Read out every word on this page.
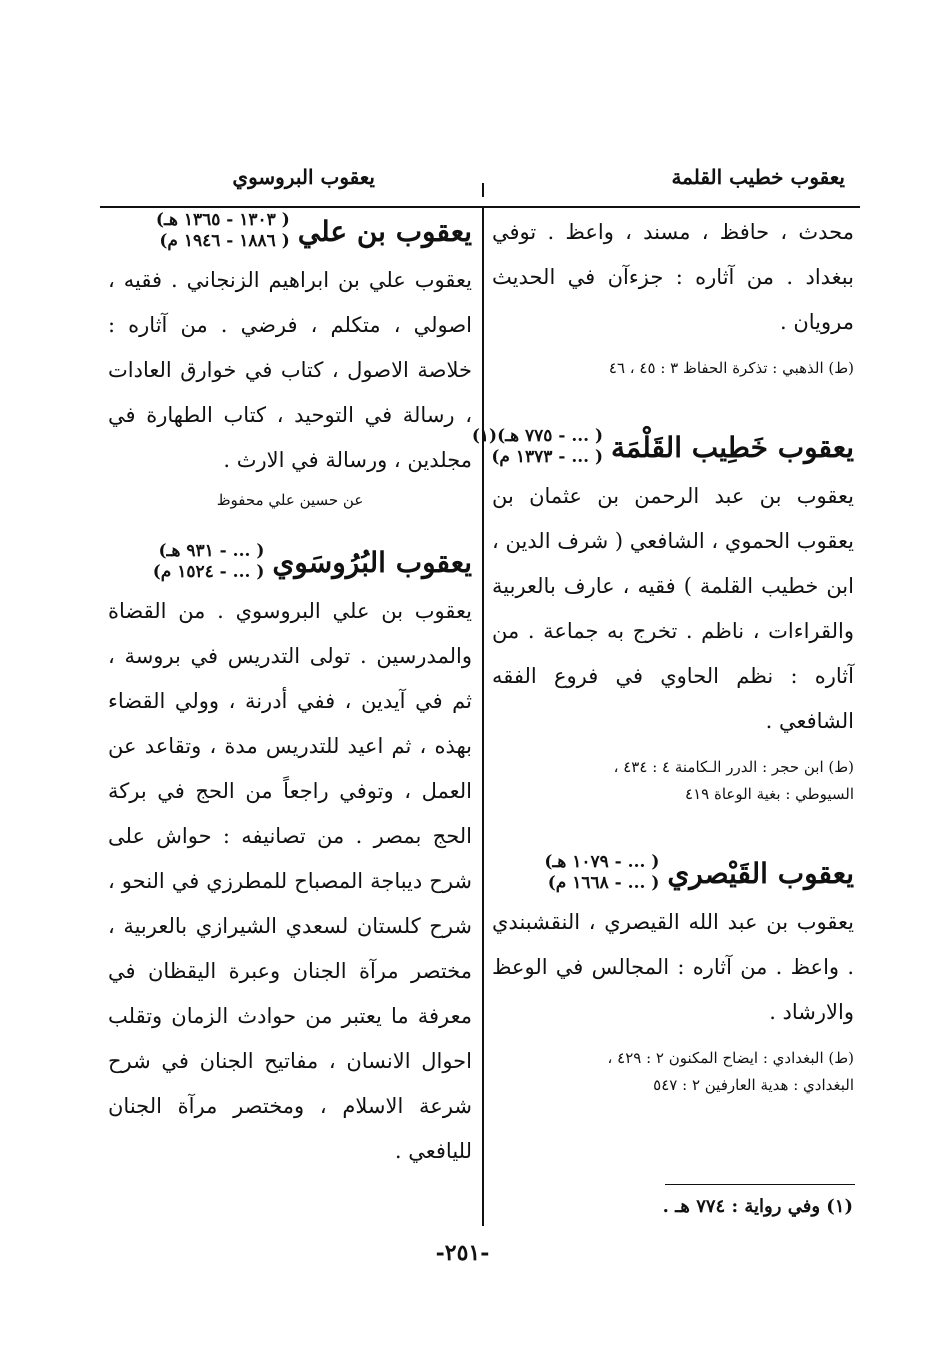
يعقوب خطيب القلمة
يعقوب البروسوي

محدث ، حافظ ، مسند ، واعظ . توفي ببغداد . من آثاره : جزءآن في الحديث مرويان .

(ط) الذهبي : تذكرة الحفاظ ٣ : ٤٥ ، ٤٦

يعقوب خَطِيب القَلْمَة
( ... - ٧٧٥ هـ)(١)
( ... - ١٣٧٣ م)

يعقوب بن عبد الرحمن بن عثمان بن يعقوب الحموي ، الشافعي ( شرف الدين ، ابن خطيب القلمة ) فقيه ، عارف بالعربية والقراءات ، ناظم . تخرج به جماعة . من آثاره : نظم الحاوي في فروع الفقه الشافعي .

(ط) ابن حجر : الدرر الـكامنة ٤ : ٤٣٤ ،
السيوطي : بغية الوعاة ٤١٩

يعقوب القَيْصري
( ... - ١٠٧٩ هـ)
( ... - ١٦٦٨ م)

يعقوب بن عبد الله القيصري ، النقشبندي . واعظ . من آثاره : المجالس في الوعظ والارشاد .

(ط) البغدادي : ايضاح المكنون ٢ : ٤٢٩ ،
البغدادي : هدية العارفين ٢ : ٥٤٧

يعقوب بن علي
( ١٣٠٣ - ١٣٦٥ هـ)
( ١٨٨٦ - ١٩٤٦ م)

يعقوب علي بن ابراهيم الزنجاني . فقيه ، اصولي ، متكلم ، فرضي . من آثاره : خلاصة الاصول ، كتاب في خوارق العادات ، رسالة في التوحيد ، كتاب الطهارة في مجلدين ، ورسالة في الارث .

عن حسين علي محفوظ

يعقوب البُرُوسَوي
( ... - ٩٣١ هـ)
( ... - ١٥٢٤ م)

يعقوب بن علي البروسوي . من القضاة والمدرسين . تولى التدريس في بروسة ، ثم في آيدين ، ففي أدرنة ، وولي القضاء بهذه ، ثم اعيد للتدريس مدة ، وتقاعد عن العمل ، وتوفي راجعاً من الحج في بركة الحج بمصر . من تصانيفه : حواش على شرح ديباجة المصباح للمطرزي في النحو ، شرح كلستان لسعدي الشيرازي بالعربية ، مختصر مرآة الجنان وعبرة اليقظان في معرفة ما يعتبر من حوادث الزمان وتقلب احوال الانسان ، مفاتيح الجنان في شرح شرعة الاسلام ، ومختصر مرآة الجنان لليافعي .

(١) وفي رواية : ٧٧٤ هـ .
-٢٥١-
